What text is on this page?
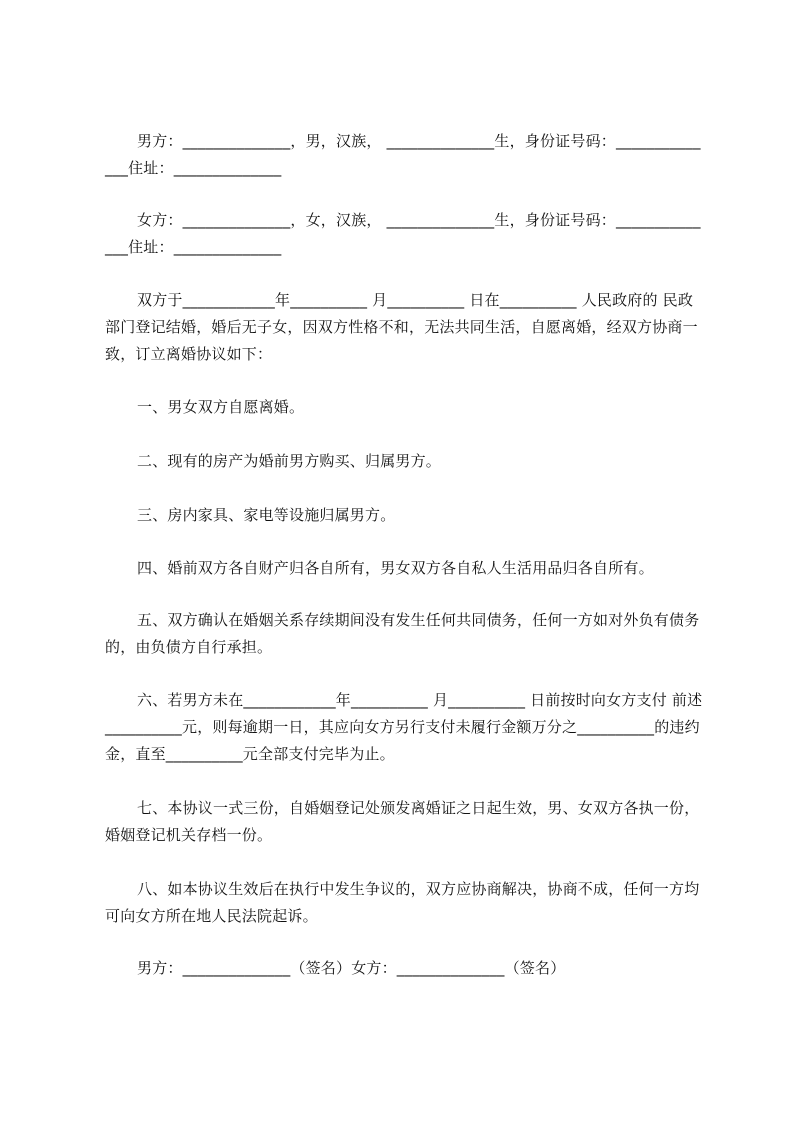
男方：______________，男，汉族， ______________生，身份证号码：______________住址：______________

女方：______________，女，汉族， ______________生，身份证号码：______________住址：______________

双方于____________年__________ 月__________ 日在__________ 人民政府的 民政部门登记结婚，婚后无子女，因双方性格不和，无法共同生活，自愿离婚，经双方协商一致，订立离婚协议如下：

一、男女双方自愿离婚。

二、现有的房产为婚前男方购买、归属男方。

三、房内家具、家电等设施归属男方。

四、婚前双方各自财产归各自所有，男女双方各自私人生活用品归各自所有。

五、双方确认在婚姻关系存续期间没有发生任何共同债务，任何一方如对外负有债务的，由负债方自行承担。

六、若男方未在____________年__________ 月__________ 日前按时向女方支付 前述__________元，则每逾期一日，其应向女方另行支付未履行金额万分之__________的违约金，直至__________元全部支付完毕为止。

七、本协议一式三份，自婚姻登记处颁发离婚证之日起生效，男、女双方各执一份，婚姻登记机关存档一份。

八、如本协议生效后在执行中发生争议的，双方应协商解决，协商不成，任何一方均可向女方所在地人民法院起诉。

男方：______________（签名）女方：______________（签名）
